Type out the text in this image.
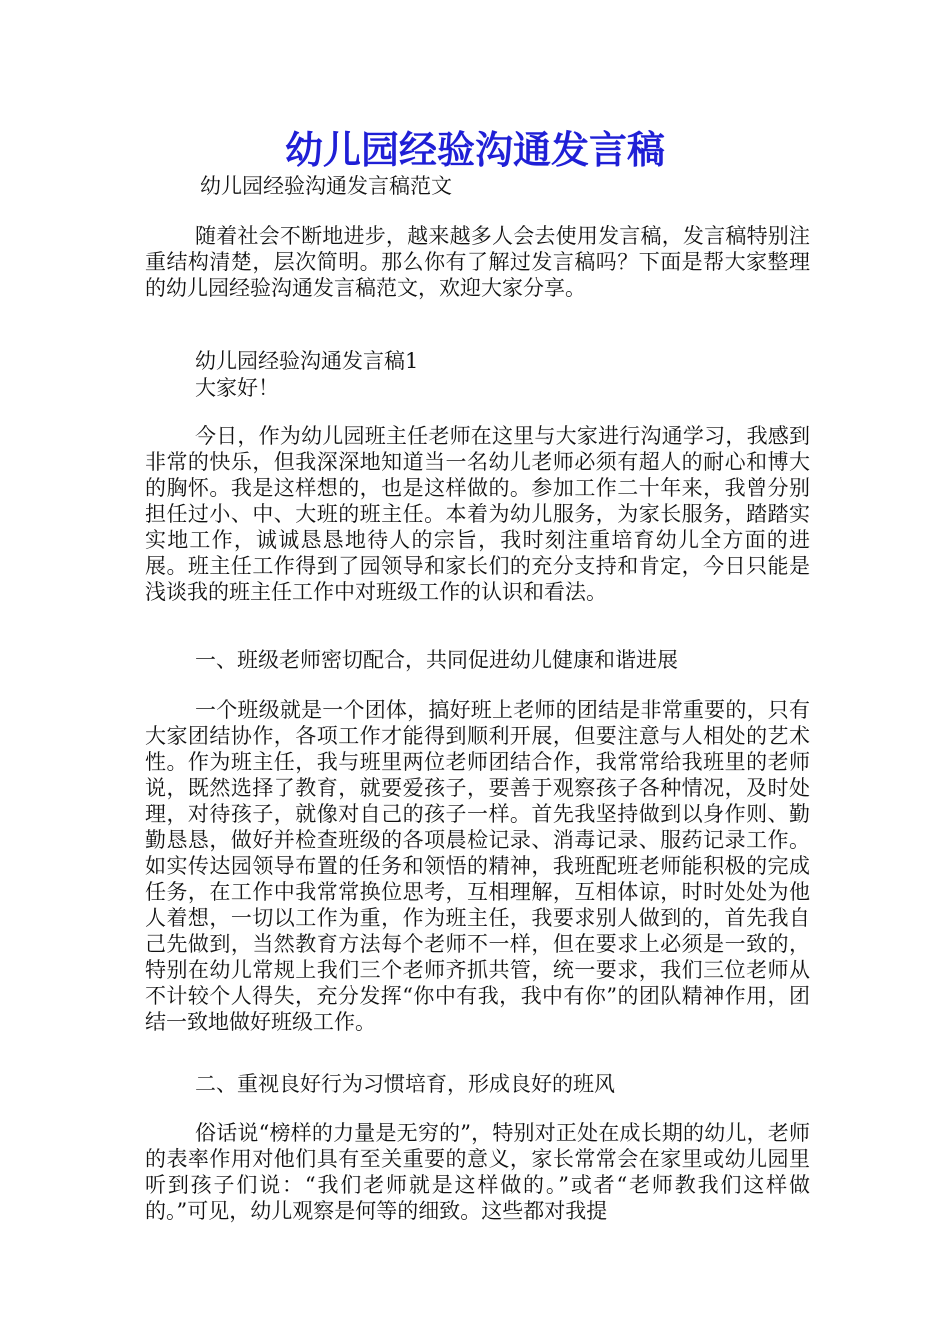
幼儿园经验沟通发言稿

幼儿园经验沟通发言稿范文

随着社会不断地进步，越来越多人会去使用发言稿，发言稿特别注重结构清楚，层次简明。那么你有了解过发言稿吗？下面是帮大家整理的幼儿园经验沟通发言稿范文，欢迎大家分享。

幼儿园经验沟通发言稿1

大家好！

今日，作为幼儿园班主任老师在这里与大家进行沟通学习，我感到非常的快乐，但我深深地知道当一名幼儿老师必须有超人的耐心和博大的胸怀。我是这样想的，也是这样做的。参加工作二十年来，我曾分别担任过小、中、大班的班主任。本着为幼儿服务，为家长服务，踏踏实实地工作，诚诚恳恳地待人的宗旨，我时刻注重培育幼儿全方面的进展。班主任工作得到了园领导和家长们的充分支持和肯定，今日只能是浅谈我的班主任工作中对班级工作的认识和看法。

一、班级老师密切配合，共同促进幼儿健康和谐进展

一个班级就是一个团体，搞好班上老师的团结是非常重要的，只有大家团结协作，各项工作才能得到顺利开展，但要注意与人相处的艺术性。作为班主任，我与班里两位老师团结合作，我常常给我班里的老师说，既然选择了教育，就要爱孩子，要善于观察孩子各种情况，及时处理，对待孩子，就像对自己的孩子一样。首先我坚持做到以身作则、勤勤恳恳，做好并检查班级的各项晨检记录、消毒记录、服药记录工作。如实传达园领导布置的任务和领悟的精神，我班配班老师能积极的完成任务，在工作中我常常换位思考，互相理解，互相体谅，时时处处为他人着想，一切以工作为重，作为班主任，我要求别人做到的，首先我自己先做到，当然教育方法每个老师不一样，但在要求上必须是一致的，特别在幼儿常规上我们三个老师齐抓共管，统一要求，我们三位老师从不计较个人得失，充分发挥“你中有我，我中有你”的团队精神作用，团结一致地做好班级工作。

二、重视良好行为习惯培育，形成良好的班风

俗话说“榜样的力量是无穷的”，特别对正处在成长期的幼儿，老师的表率作用对他们具有至关重要的意义，家长常常会在家里或幼儿园里听到孩子们说：“我们老师就是这样做的。”或者“老师教我们这样做的。”可见，幼儿观察是何等的细致。这些都对我提
